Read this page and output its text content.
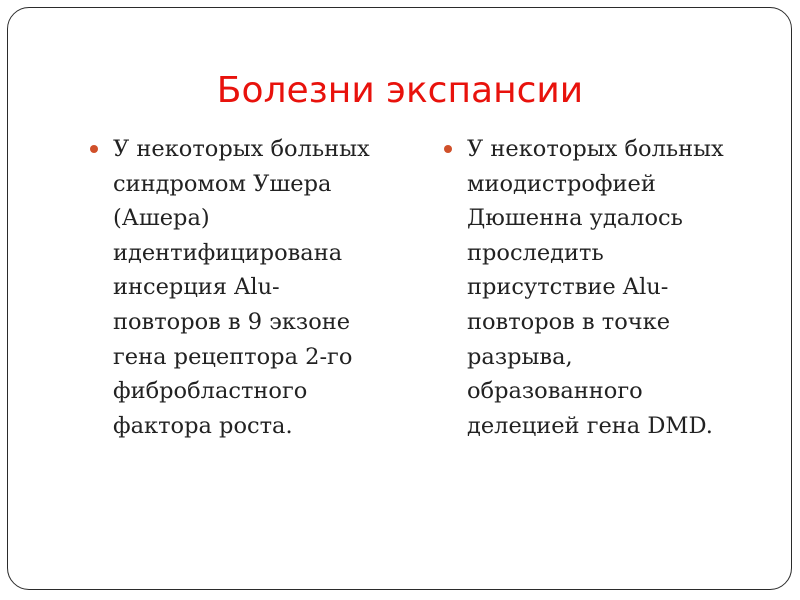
Болезни экспансии
У некоторых больных
синдромом Ушера
(Ашера)
идентифицирована
инсерция Alu-
повторов в 9 экзоне
гена рецептора 2-го
фибробластного
фактора роста.
У некоторых больных
миодистрофией
Дюшенна удалось
проследить
присутствие Alu-
повторов в точке
разрыва,
образованного
делецией гена DMD.
